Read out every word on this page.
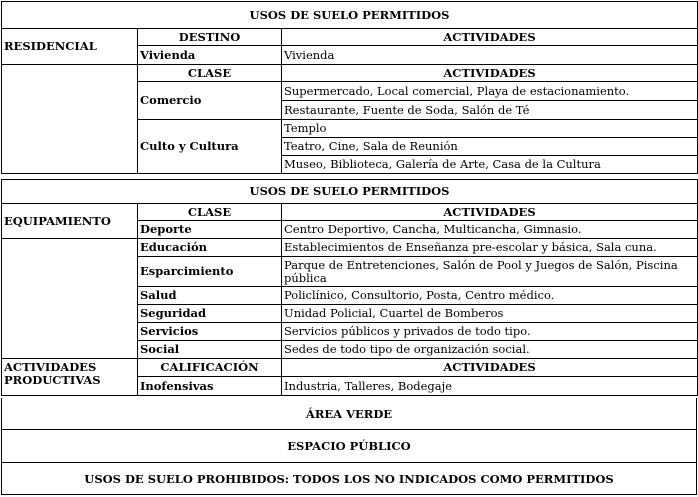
USOS DE SUELO PERMITIDOS		
RESIDENCIAL	DESTINO	ACTIVIDADES
	Vivienda	Vivienda
	CLASE	ACTIVIDADES
	Comercio	Supermercado, Local comercial, Playa de estacionamiento.
		Restaurante, Fuente de Soda, Salón de Té
	Culto y Cultura	Templo
		Teatro, Cine, Sala de Reunión
		Museo, Biblioteca, Galería de Arte, Casa de la Cultura
USOS DE SUELO PERMITIDOS		
EQUIPAMIENTO	CLASE	ACTIVIDADES
	Deporte	Centro Deportivo, Cancha, Multicancha, Gimnasio.
	Educación	Establecimientos de Enseñanza pre-escolar y básica, Sala cuna.
	Esparcimiento	Parque de Entretenciones, Salón de Pool y Juegos de Salón, Piscina pública
	Salud	Policlínico, Consultorio, Posta, Centro médico.
	Seguridad	Unidad Policial, Cuartel de Bomberos
	Servicios	Servicios públicos y privados de todo tipo.
	Social	Sedes de todo tipo de organización social.
ACTIVIDADES PRODUCTIVAS	CALIFICACIÓN	ACTIVIDADES
	Inofensivas	Industria, Talleres, Bodegaje
ÁREA VERDE
ESPACIO PÚBLICO
USOS DE SUELO PROHIBIDOS: TODOS LOS NO INDICADOS COMO PERMITIDOS
